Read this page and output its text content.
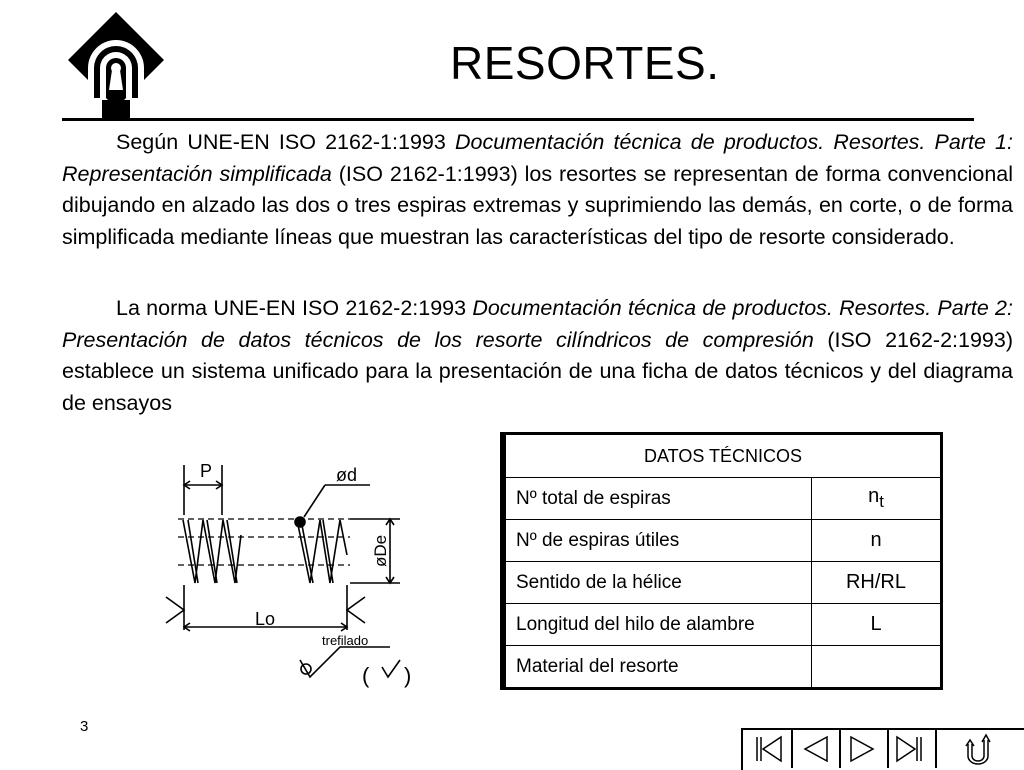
RESORTES.

Según UNE-EN ISO 2162-1:1993 Documentación técnica de productos. Resortes. Parte 1: Representación simplificada (ISO 2162-1:1993) los resortes se representan de forma convencional dibujando en alzado las dos o tres espiras extremas y suprimiendo las demás, en corte, o de forma simplificada mediante líneas que muestran las características del tipo de resorte considerado.

La norma UNE-EN ISO 2162-2:1993 Documentación técnica de productos. Resortes. Parte 2: Presentación de datos técnicos de los resorte cilíndricos de compresión (ISO 2162-2:1993) establece un sistema unificado para la presentación de una ficha de datos técnicos y del diagrama de ensayos

P	ød
øDe
Lo
trefilado
( )
DATOS TÉCNICOS	
Nº total de espiras	$n_t$
Nº de espiras útiles	n
Sentido de la hélice	RH/RL
Longitud del hilo de alambre	L
Material del resorte	
3
